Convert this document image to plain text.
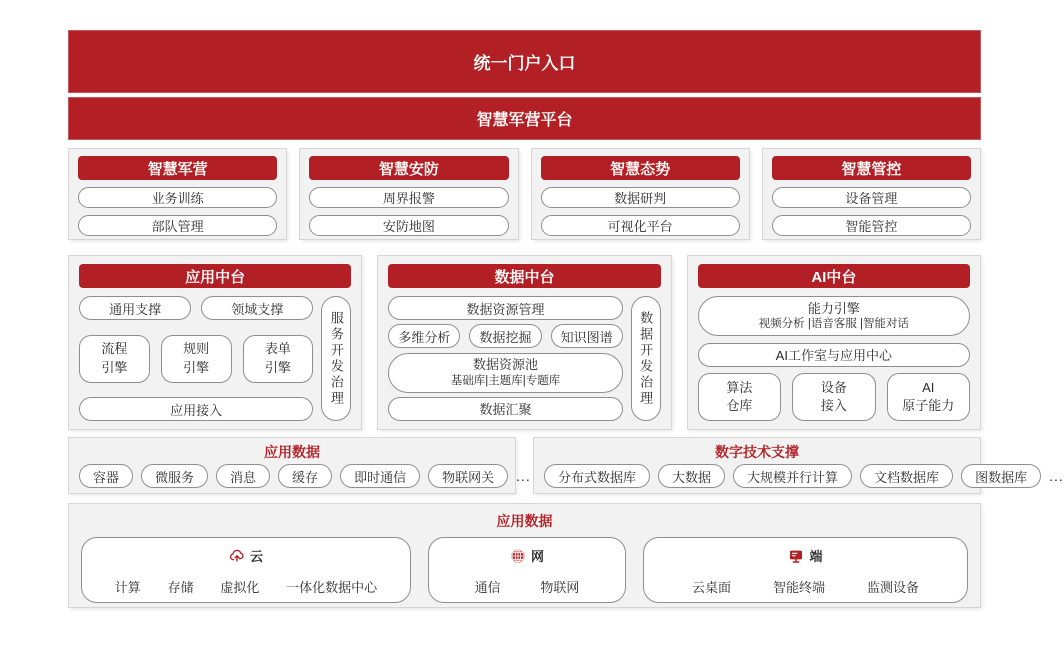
统一门户入口
智慧军营平台
智慧军营
业务训练
部队管理
智慧安防
周界报警
安防地图
智慧态势
数据研判
可视化平台
智慧管控
设备管理
智能管控
应用中台
通用支撑	领域支撑
流程
引擎
规则
引擎
表单
引擎
应用接入
服务开发治理
数据中台
数据资源管理
多维分析	数据挖掘	知识图谱
数据资源池
基础库|主题库|专题库
数据汇聚
数据开发治理
AI中台
能力引擎
视频分析 |语音客服 |智能对话
AI工作室与应用中心
算法
仓库
设备
接入
AI
原子能力
应用数据
容器	微服务	消息	缓存	即时通信	物联网关	...
数字技术支撑
分布式数据库	大数据	大规模并行计算	文档数据库	图数据库	...
应用数据
云
计算 存储 虚拟化 一体化数据中心
网
通信	物联网
端
云桌面	智能终端	监测设备
